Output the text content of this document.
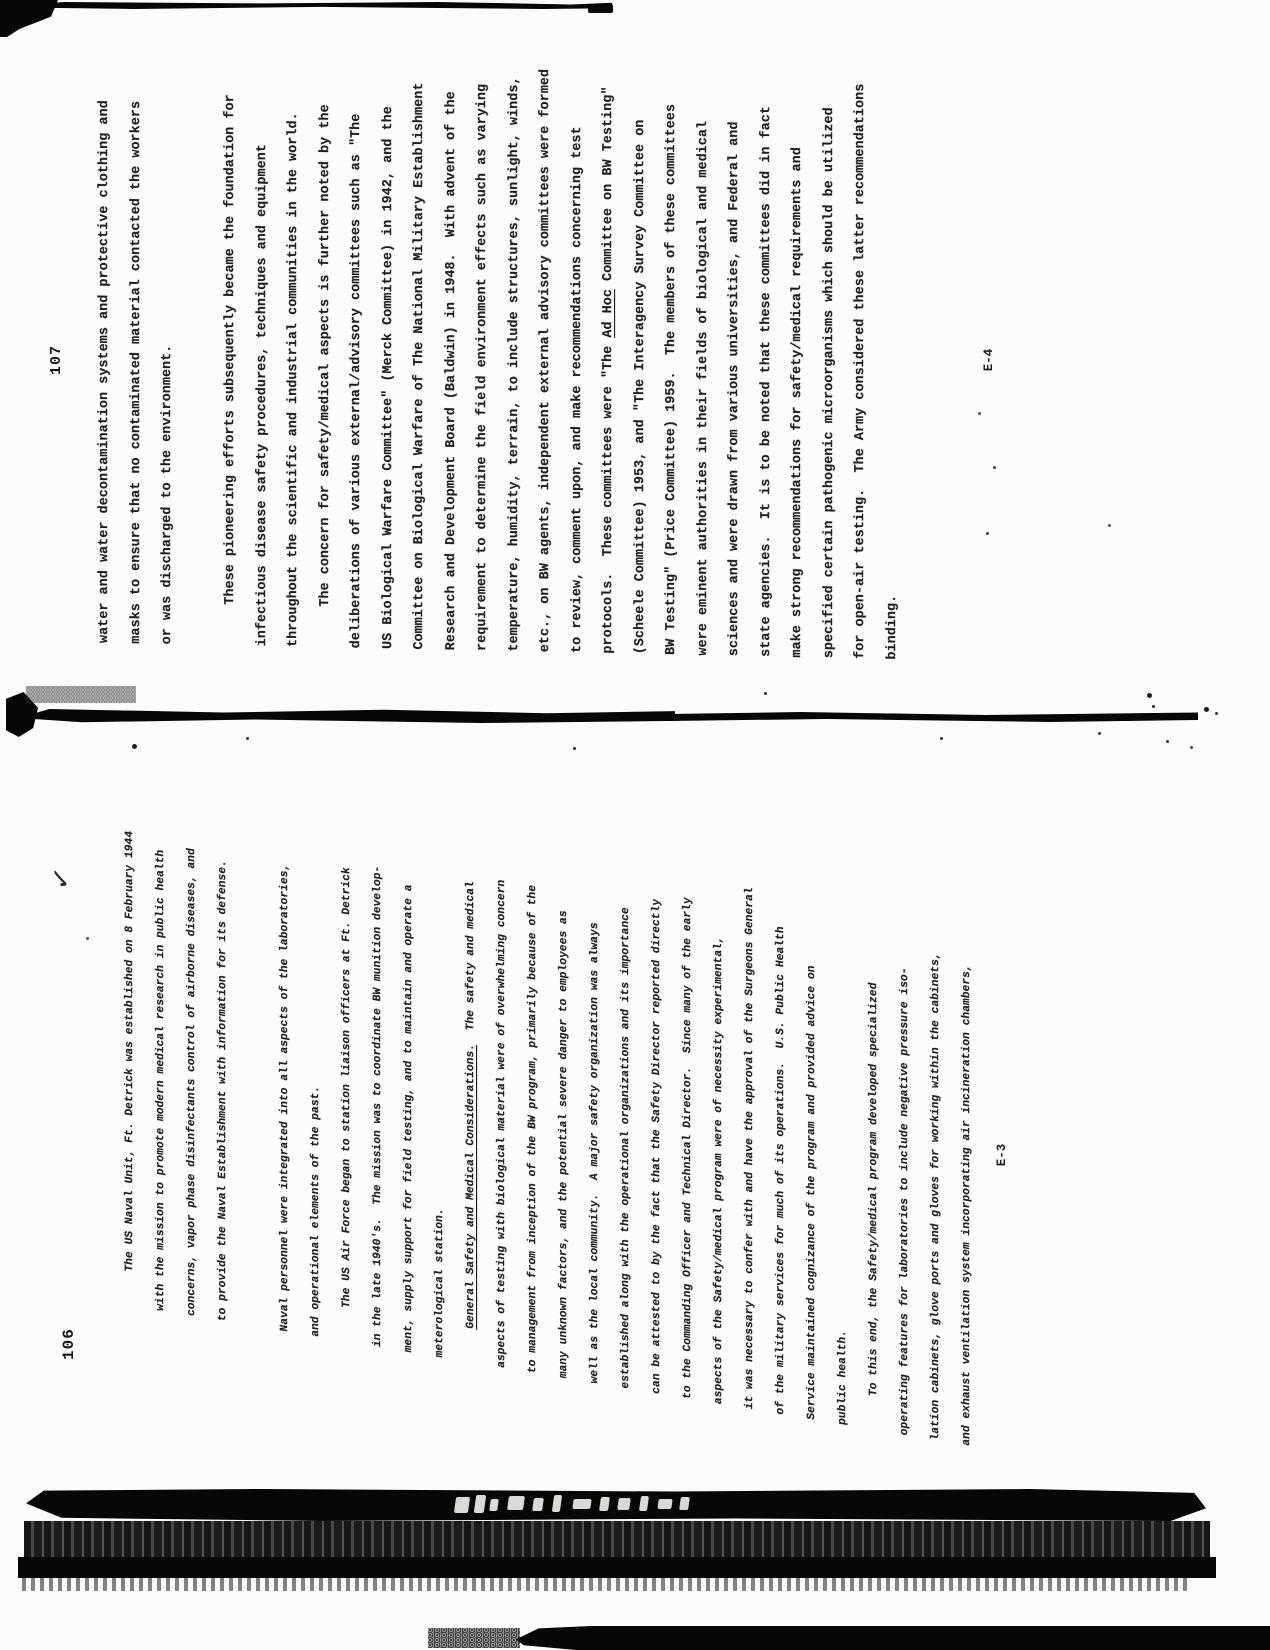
107 water and water decontamination systems and protective clothing and	masks to ensure that no contaminated material contacted the workers	or was discharged to the environment.	These pioneering efforts subsequently became the foundation for	infectious disease safety procedures, techniques and equipment	throughout the scientific and industrial communities in the world.	The concern for safety/medical aspects is further noted by the	deliberations of various external/advisory committees such as "The	US Biological Warfare Committee" (Merck Committee) in 1942, and the	Committee on Biological Warfare of The National Military Establishment	Research and Development Board (Baldwin) in 1948.  With advent of the	requirement to determine the field environment effects such as varying	temperature, humidity, terrain, to include structures, sunlight, winds,	etc., on BW agents, independent external advisory committees were formed	to review, comment upon, and make recommendations concerning test	protocols.  These committees were "The Ad Hoc Committee on BW Testing"	(Scheele Committee) 1953, and "The Interagency Survey Committee on	BW Testing" (Price Committee) 1959.  The members of these committees	were eminent authorities in their fields of biological and medical	sciences and were drawn from various universities, and Federal and	state agencies.  It is to be noted that these committees did in fact	make strong recommendations for safety/medical requirements and	specified certain pathogenic microorganisms which should be utilized	for open-air testing.  The Army considered these latter recommendations	binding.
E-4
106
✓	The US Naval Unit, Ft. Detrick was established on 8 February 1944	with the mission to promote modern medical research in public health	concerns, vapor phase disinfectants control of airborne diseases, and	to provide the Naval Establishment with information for its defense.	Naval personnel were integrated into all aspects of the laboratories,	and operational elements of the past.	The US Air Force began to station liaison officers at Ft. Detrick	in the late 1940's.  The mission was to coordinate BW munition develop-	ment, supply support for field testing, and to maintain and operate a	meterological station.	General Safety and Medical Considerations.  The safety and medical	aspects of testing with biological material were of overwhelming concern	to management from inception of the BW program, primarily because of the	many unknown factors, and the potential severe danger to employees as	well as the local community.  A major safety organization was always	established along with the operational organizations and its importance	can be attested to by the fact that the Safety Director reported directly	to the Commanding Officer and Technical Director.  Since many of the early	aspects of the Safety/medical program were of necessity experimental,	it was necessary to confer with and have the approval of the Surgeons General	of the military services for much of its operations.  U.S. Public Health	Service maintained cognizance of the program and provided advice on	public health.	To this end, the Safety/medical program developed specialized	operating features for laboratories to include negative pressure iso-	lation cabinets, glove ports and gloves for working within the cabinets,	and exhaust ventilation system incorporating air incineration chambers,	E-3
